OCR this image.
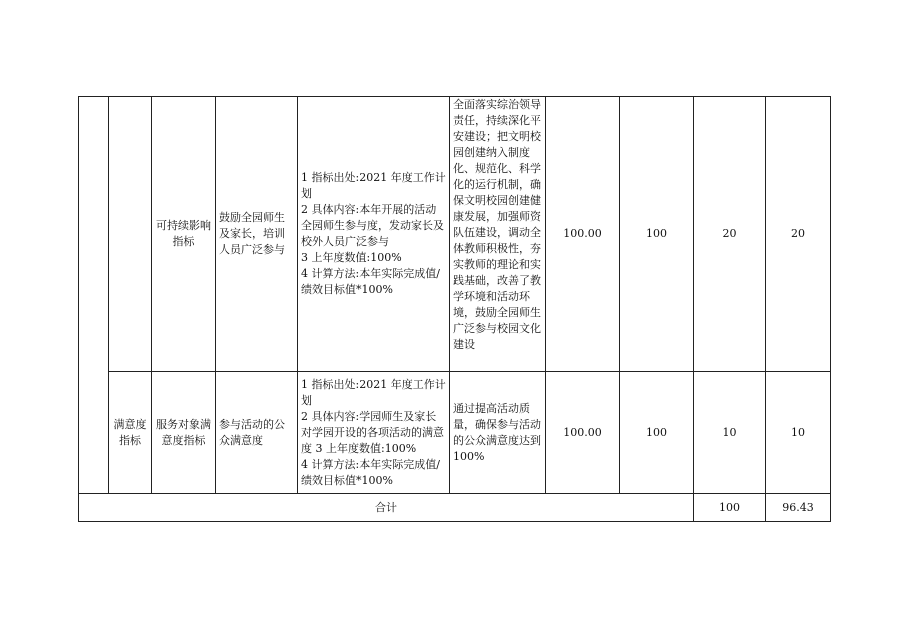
		可持续影响指标	鼓励全园师生及家长，培训人员广泛参与	1 指标出处:2021 年度工作计划
2 具体内容:本年开展的活动全园师生参与度，发动家长及校外人员广泛参与
3 上年度数值:100%
4 计算方法:本年实际完成值/绩效目标值*100%	全面落实综治领导责任，持续深化平安建设；把文明校园创建纳入制度化、规范化、科学化的运行机制，确保文明校园创建健康发展，加强师资队伍建设，调动全体教师积极性，夯实教师的理论和实践基础，改善了教学环境和活动环境，鼓励全园师生广泛参与校园文化建设	100.00	100	20	20
	满意度指标	服务对象满意度指标	参与活动的公众满意度	1 指标出处:2021 年度工作计划
2 具体内容:学园师生及家长对学园开设的各项活动的满意度 3 上年度数值:100%
4 计算方法:本年实际完成值/绩效目标值*100%	通过提高活动质量，确保参与活动的公众满意度达到 100%	100.00	100	10	10
合计								100	96.43
